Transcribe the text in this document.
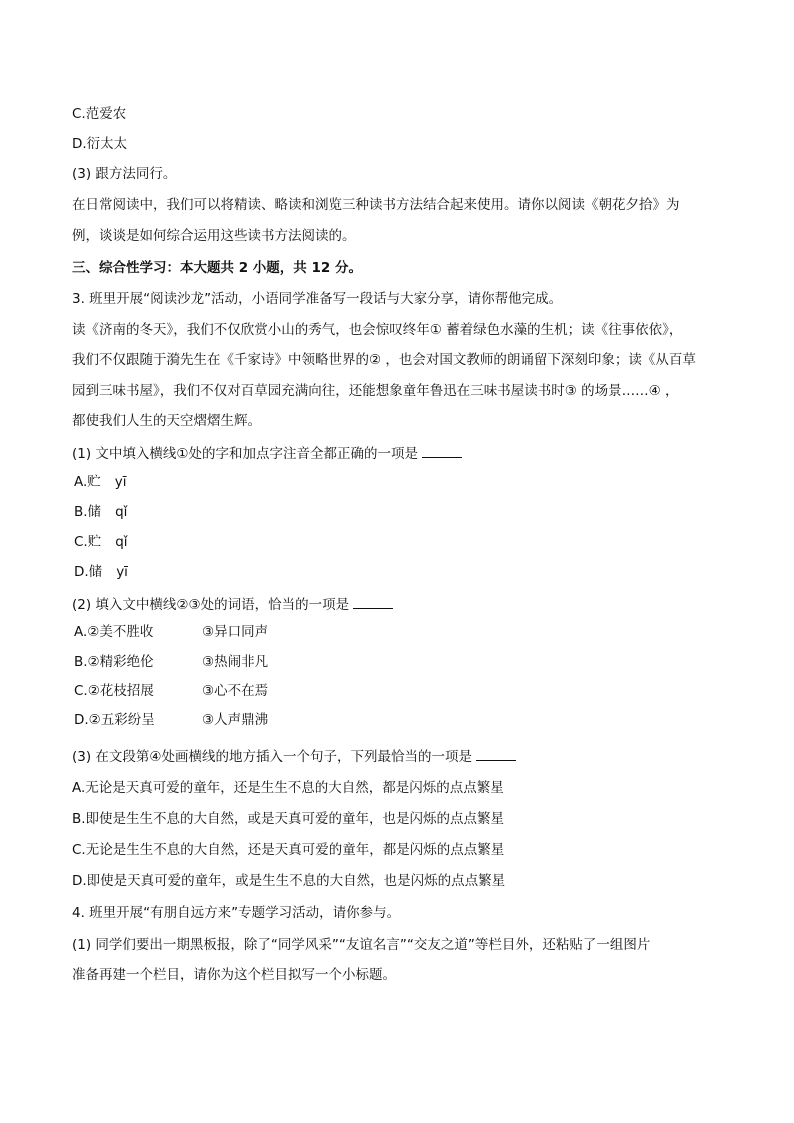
C.范爱农
D.衍太太
(3) 跟方法同行。
在日常阅读中，我们可以将精读、略读和浏览三种读书方法结合起来使用。请你以阅读《朝花夕拾》为
例，谈谈是如何综合运用这些读书方法阅读的。
三、综合性学习：本大题共 2 小题，共 12 分。
3. 班里开展“阅读沙龙”活动，小语同学准备写一段话与大家分享，请你帮他完成。
读《济南的冬天》，我们不仅欣赏小山的秀气，也会惊叹终年① 蓄着绿色水藻的生机；读《往事依依》，
我们不仅跟随于漪先生在《千家诗》中领略世界的② ，也会对国文教师的朗诵留下深刻印象；读《从百草
园到三味书屋》，我们不仅对百草园充满向往，还能想象童年鲁迅在三味书屋读书时③ 的场景……④ ，
都使我们人生的天空熠熠生辉。
(1) 文中填入横线①处的字和加点字注音全都正确的一项是
A.贮 yī
B.储 qǐ
C.贮 qǐ
D.储 yī
(2) 填入文中横线②③处的词语，恰当的一项是
A.②美不胜收	③异口同声
B.②精彩绝伦	③热闹非凡
C.②花枝招展	③心不在焉
D.②五彩纷呈	③人声鼎沸
(3) 在文段第④处画横线的地方插入一个句子，下列最恰当的一项是
A.无论是天真可爱的童年，还是生生不息的大自然，都是闪烁的点点繁星
B.即使是生生不息的大自然，或是天真可爱的童年，也是闪烁的点点繁星
C.无论是生生不息的大自然，还是天真可爱的童年，都是闪烁的点点繁星
D.即使是天真可爱的童年，或是生生不息的大自然，也是闪烁的点点繁星
4. 班里开展“有朋自远方来”专题学习活动，请你参与。
(1) 同学们要出一期黑板报，除了“同学风采”“友谊名言”“交友之道”等栏目外，还粘贴了一组图片
准备再建一个栏目，请你为这个栏目拟写一个小标题。
